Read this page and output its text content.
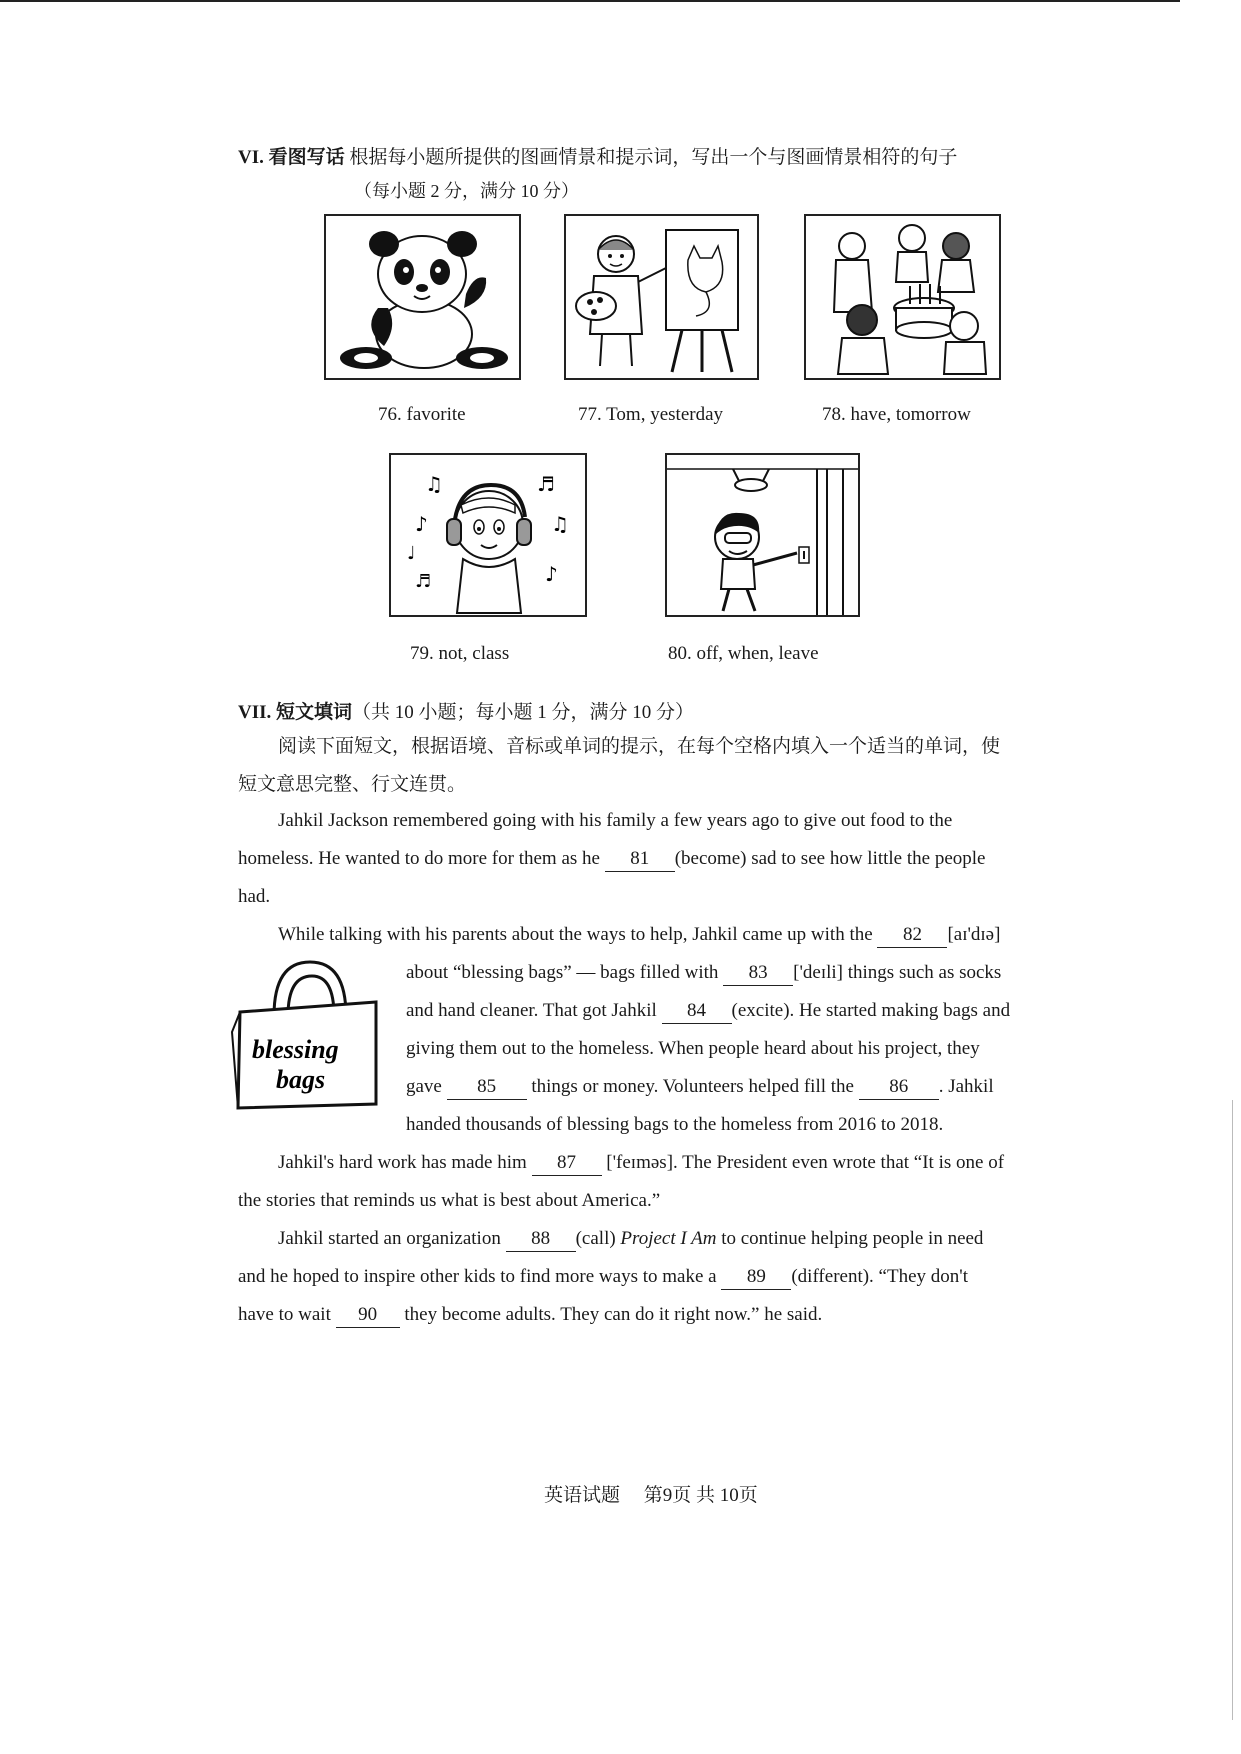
VI. 看图写话 根据每小题所提供的图画情景和提示词，写出一个与图画情景相符的句子
（每小题 2 分，满分 10 分）
76. favorite	77. Tom, yesterday	78. have, tomorrow
♫
♪
♩
♬
♬
♫
♪
79. not, class	80. off, when, leave
VII. 短文填词（共 10 小题；每小题 1 分，满分 10 分）
阅读下面短文，根据语境、音标或单词的提示，在每个空格内填入一个适当的单词，使
短文意思完整、行文连贯。

Jahkil Jackson remembered going with his family a few years ago to give out food to the

homeless. He wanted to do more for them as he 81 (become) sad to see how little the people

had.

While talking with his parents about the ways to help, Jahkil came up with the 82 [aɪ'dɪə]

blessing
bags

about “blessing bags” — bags filled with 83 ['deɪli] things such as socks

and hand cleaner. That got Jahkil 84 (excite). He started making bags and

giving them out to the homeless. When people heard about his project, they

gave 85 things or money. Volunteers helped fill the 86 . Jahkil

handed thousands of blessing bags to the homeless from 2016 to 2018.

Jahkil's hard work has made him 87 ['feɪməs]. The President even wrote that “It is one of

the stories that reminds us what is best about America.”

Jahkil started an organization 88 (call) Project I Am to continue helping people in need

and he hoped to inspire other kids to find more ways to make a 89 (different). “They don't

have to wait 90 they become adults. They can do it right now.” he said.

英语试题 第9页 共 10页
